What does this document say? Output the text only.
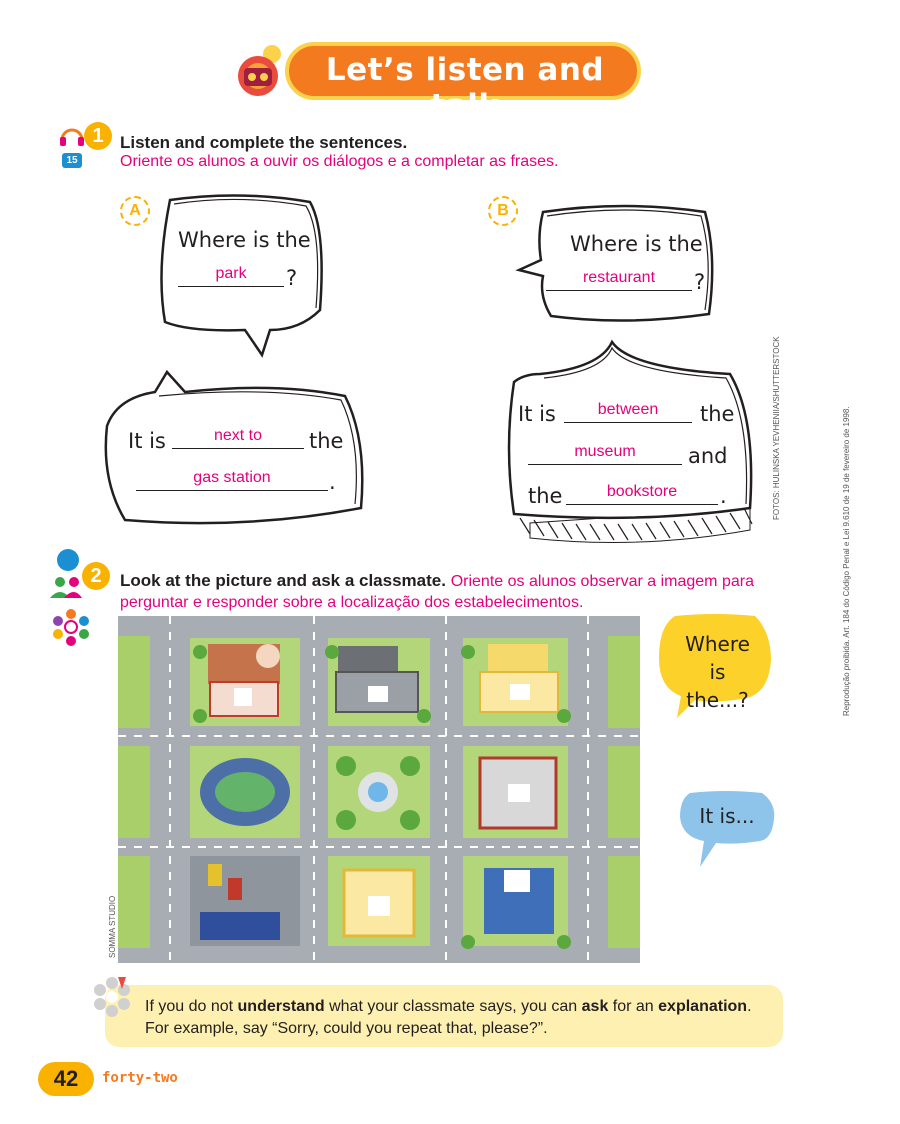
Let’s listen and talk
1
15
Listen and complete the sentences.
Oriente os alunos a ouvir os diálogos e a completar as frases.
A
Where is the
park	?
It is	next to	the
gas station	.
B
Where is the
restaurant	?
It is	between	the
museum	and
the	bookstore	.	FOTOS: HULINSKA YEVHENIIA/SHUTTERSTOCK
2	Look at the picture and ask a classmate. Oriente os alunos observar a imagem para perguntar e responder sobre a localização dos estabelecimentos.
SOMMA STUDIO
Where is the...?
It is...
If you do not understand what your classmate says, you can ask for an explanation. For example, say “Sorry, could you repeat that, please?”.
Reprodução proibida. Art. 184 do Código Penal e Lei 9.610 de 19 de fevereiro de 1998.
42	forty-two
